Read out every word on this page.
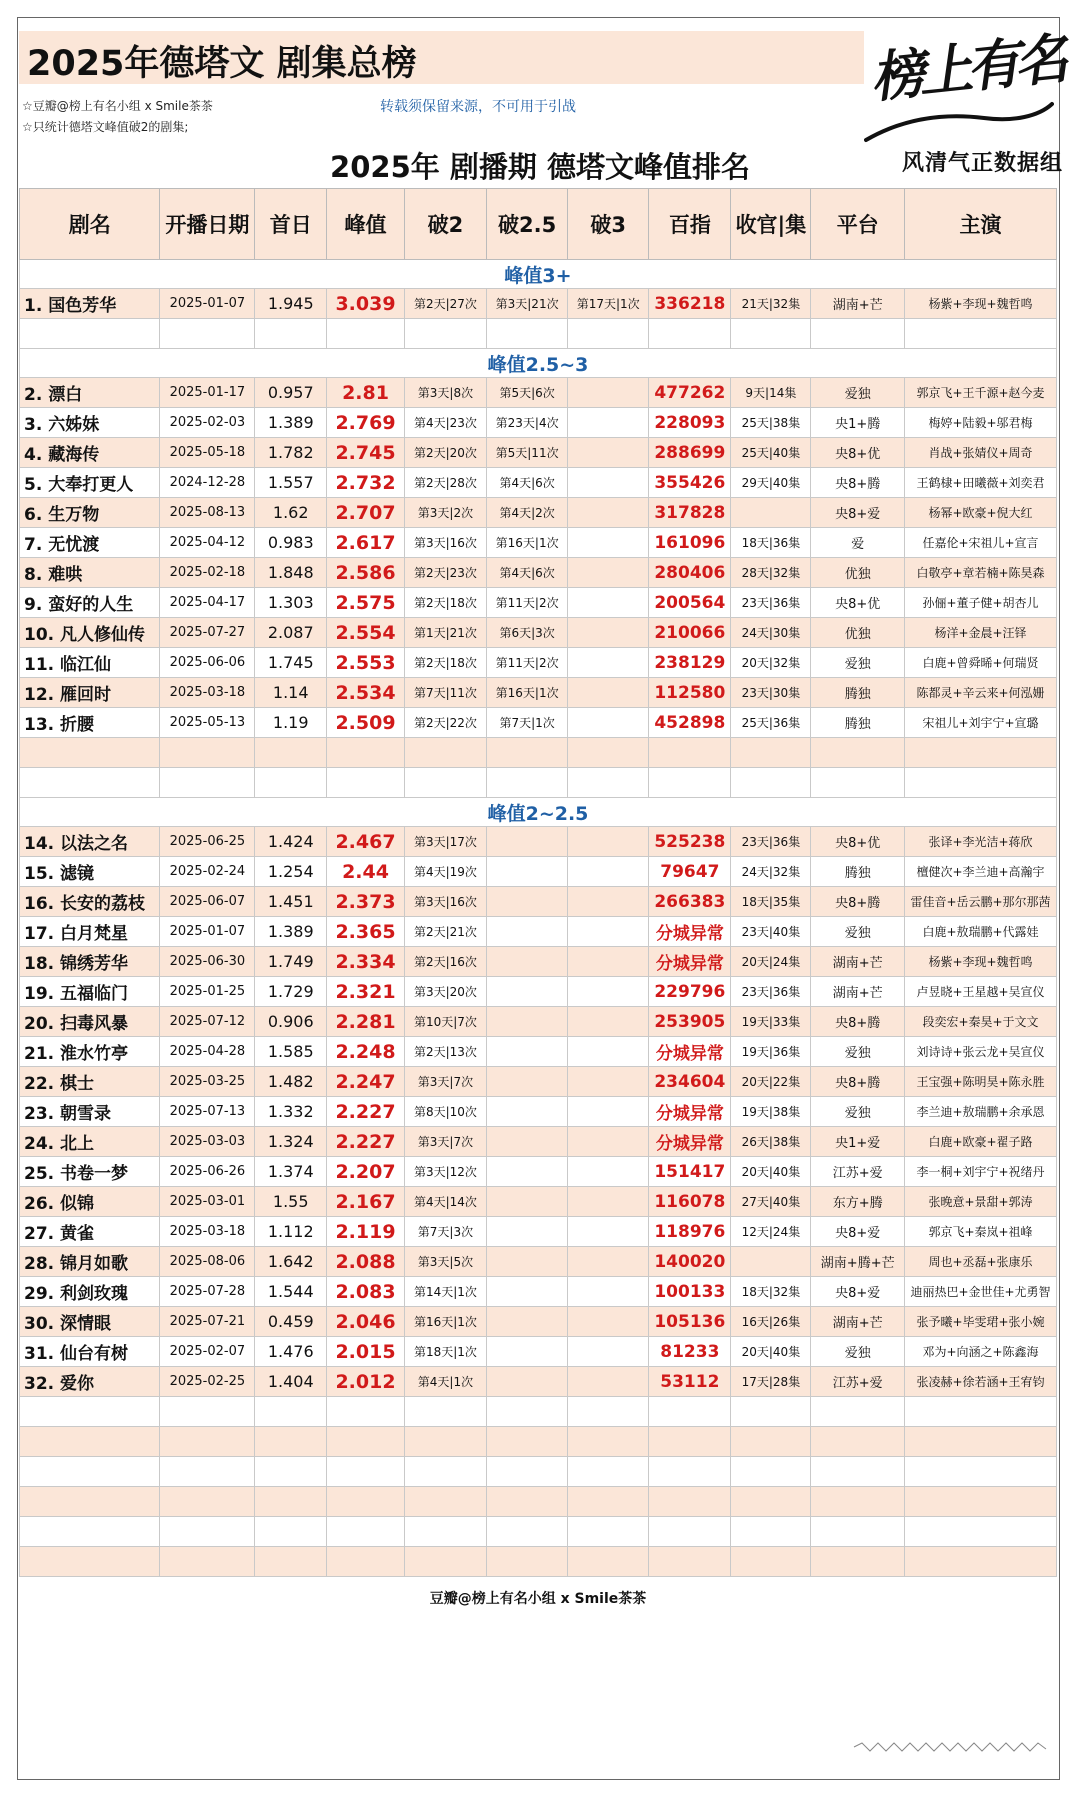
2025年德塔文 剧集总榜
☆豆瓣@榜上有名小组 x Smile茶茶
☆只统计德塔文峰值破2的剧集;
转载须保留来源，不可用于引战
2025年 剧播期 德塔文峰值排名
榜上有名
风清气正数据组
剧名	开播日期	首日	峰值	破2	破2.5	破3	百指	收官|集	平台	主演
峰值3+										
1. 国色芳华	2025-01-07	1.945	3.039	第2天|27次	第3天|21次	第17天|1次	336218	21天|32集	湖南+芒	杨紫+李现+魏哲鸣

峰值2.5~3										
2. 漂白	2025-01-17	0.957	2.81	第3天|8次	第5天|6次		477262	9天|14集	爱独	郭京飞+王千源+赵今麦
3. 六姊妹	2025-02-03	1.389	2.769	第4天|23次	第23天|4次		228093	25天|38集	央1+腾	梅婷+陆毅+邬君梅
4. 藏海传	2025-05-18	1.782	2.745	第2天|20次	第5天|11次		288699	25天|40集	央8+优	肖战+张婧仪+周奇
5. 大奉打更人	2024-12-28	1.557	2.732	第2天|28次	第4天|6次		355426	29天|40集	央8+腾	王鹤棣+田曦薇+刘奕君
6. 生万物	2025-08-13	1.62	2.707	第3天|2次	第4天|2次		317828		央8+爱	杨幂+欧豪+倪大红
7. 无忧渡	2025-04-12	0.983	2.617	第3天|16次	第16天|1次		161096	18天|36集	爱	任嘉伦+宋祖儿+宣言
8. 难哄	2025-02-18	1.848	2.586	第2天|23次	第4天|6次		280406	28天|32集	优独	白敬亭+章若楠+陈昊森
9. 蛮好的人生	2025-04-17	1.303	2.575	第2天|18次	第11天|2次		200564	23天|36集	央8+优	孙俪+董子健+胡杏儿
10. 凡人修仙传	2025-07-27	2.087	2.554	第1天|21次	第6天|3次		210066	24天|30集	优独	杨洋+金晨+汪铎
11. 临江仙	2025-06-06	1.745	2.553	第2天|18次	第11天|2次		238129	20天|32集	爱独	白鹿+曾舜晞+何瑞贤
12. 雁回时	2025-03-18	1.14	2.534	第7天|11次	第16天|1次		112580	23天|30集	腾独	陈都灵+辛云来+何泓姗
13. 折腰	2025-05-13	1.19	2.509	第2天|22次	第7天|1次		452898	25天|36集	腾独	宋祖儿+刘宇宁+宣璐

峰值2~2.5										
14. 以法之名	2025-06-25	1.424	2.467	第3天|17次			525238	23天|36集	央8+优	张译+李光洁+蒋欣
15. 滤镜	2025-02-24	1.254	2.44	第4天|19次			79647	24天|32集	腾独	檀健次+李兰迪+高瀚宇
16. 长安的荔枝	2025-06-07	1.451	2.373	第3天|16次			266383	18天|35集	央8+腾	雷佳音+岳云鹏+那尔那茜
17. 白月梵星	2025-01-07	1.389	2.365	第2天|21次			分城异常	23天|40集	爱独	白鹿+敖瑞鹏+代露娃
18. 锦绣芳华	2025-06-30	1.749	2.334	第2天|16次			分城异常	20天|24集	湖南+芒	杨紫+李现+魏哲鸣
19. 五福临门	2025-01-25	1.729	2.321	第3天|20次			229796	23天|36集	湖南+芒	卢昱晓+王星越+吴宣仪
20. 扫毒风暴	2025-07-12	0.906	2.281	第10天|7次			253905	19天|33集	央8+腾	段奕宏+秦昊+于文文
21. 淮水竹亭	2025-04-28	1.585	2.248	第2天|13次			分城异常	19天|36集	爱独	刘诗诗+张云龙+吴宣仪
22. 棋士	2025-03-25	1.482	2.247	第3天|7次			234604	20天|22集	央8+腾	王宝强+陈明昊+陈永胜
23. 朝雪录	2025-07-13	1.332	2.227	第8天|10次			分城异常	19天|38集	爱独	李兰迪+敖瑞鹏+余承恩
24. 北上	2025-03-03	1.324	2.227	第3天|7次			分城异常	26天|38集	央1+爱	白鹿+欧豪+翟子路
25. 书卷一梦	2025-06-26	1.374	2.207	第3天|12次			151417	20天|40集	江苏+爱	李一桐+刘宇宁+祝绪丹
26. 似锦	2025-03-01	1.55	2.167	第4天|14次			116078	27天|40集	东方+腾	张晚意+景甜+郭涛
27. 黄雀	2025-03-18	1.112	2.119	第7天|3次			118976	12天|24集	央8+爱	郭京飞+秦岚+祖峰
28. 锦月如歌	2025-08-06	1.642	2.088	第3天|5次			140020		湖南+腾+芒	周也+丞磊+张康乐
29. 利剑玫瑰	2025-07-28	1.544	2.083	第14天|1次			100133	18天|32集	央8+爱	迪丽热巴+金世佳+尤勇智
30. 深情眼	2025-07-21	0.459	2.046	第16天|1次			105136	16天|26集	湖南+芒	张予曦+毕雯珺+张小婉
31. 仙台有树	2025-02-07	1.476	2.015	第18天|1次			81233	20天|40集	爱独	邓为+向涵之+陈鑫海
32. 爱你	2025-02-25	1.404	2.012	第4天|1次			53112	17天|28集	江苏+爱	张凌赫+徐若涵+王宥钧

豆瓣@榜上有名小组 x Smile茶茶										
